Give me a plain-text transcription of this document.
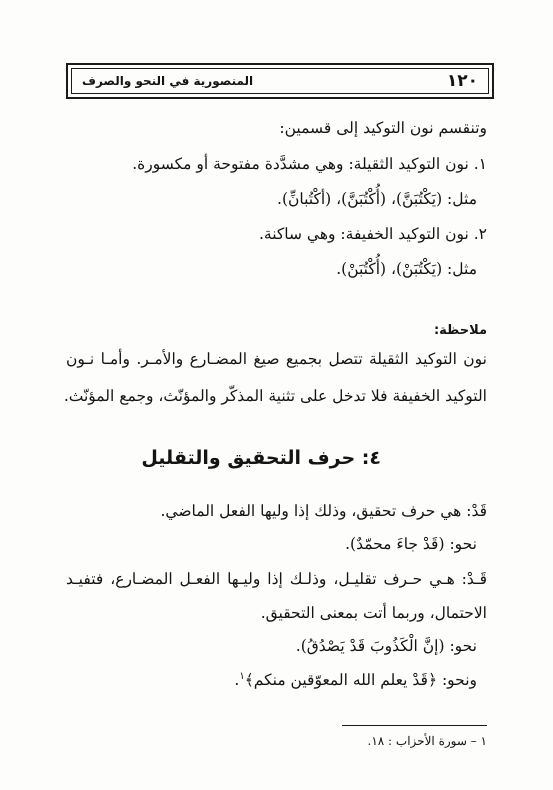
١٢٠
المنصورية في النحو والصرف
وتنقسم نون التوكيد إلى قسمين:
١. نون التوكيد الثقيلة: وهي مشدَّدة مفتوحة أو مكسورة.
مثل: (يَكْتُبَنَّ)، (أُكْتُبَنَّ)، (أكْتُبانِّ).
٢. نون التوكيد الخفيفة: وهي ساكنة.
مثل: (يَكْتُبَنْ)، (أُكْتُبَنْ).
ملاحظة:
نون التوكيد الثقيلة تتصل بجميع صيغ المضـارع والأمـر. وأمـا نـون
التوكيد الخفيفة فلا تدخل على تثنية المذكّر والمؤنّث، وجمع المؤنّث.
٤: حرف التحقيق والتقليل
قَدْ: هي حرف تحقيق، وذلك إذا وليها الفعل الماضي.
نحو: (قَدْ جاءَ محمّدٌ).
قَـدْ: هـي حـرف تقليـل، وذلـك إذا وليـها الفعـل المضـارع، فتفيـد
الاحتمال، وربما أتت بمعنى التحقيق.
نحو: (إنَّ الْكَذُوبَ قَدْ يَصْدُقُ).
ونحو: ﴿قَدْ يعلم الله المعوّقين منكم﴾$^١$.
١ – سورة الأحزاب : ١٨.
